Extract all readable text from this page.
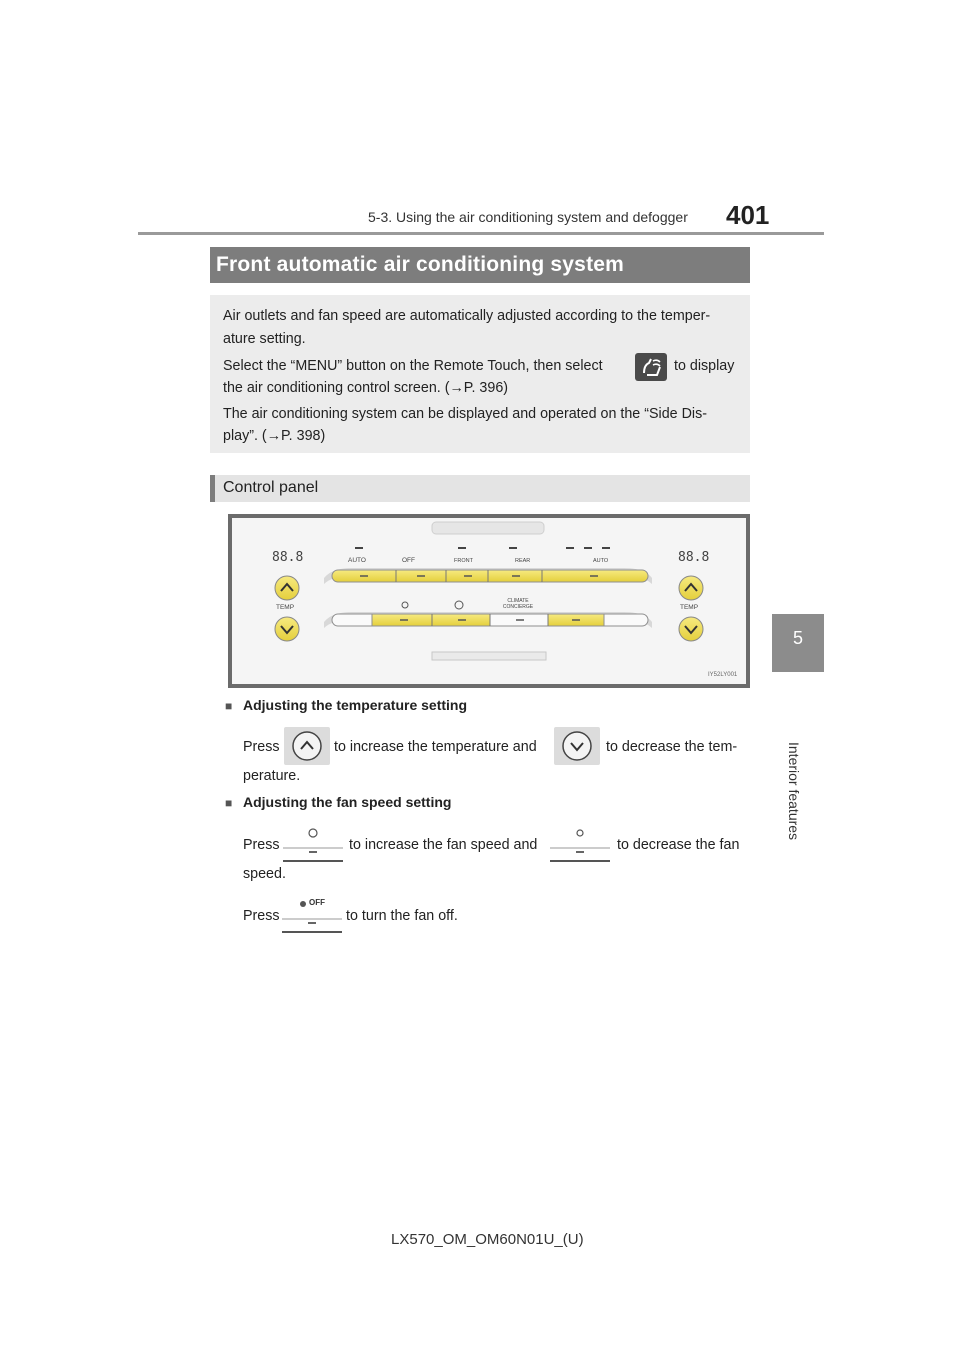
5-3. Using the air conditioning system and defogger 401
5
Interior features
Front automatic air conditioning system

Air outlets and fan speed are automatically adjusted according to the temper-

ature setting.

Select the “MENU” button on the Remote Touch, then select	to display

the air conditioning control screen. (→P. 396)

The air conditioning system can be displayed and operated on the “Side Dis-

play”. (→P. 398)

Control panel
88.8	88.8
TEMP	TEMP
AUTO	OFF	FRONT	REAR	AUTO
CLIMATE CONCIERGE
IY52LY001
■ Adjusting the temperature setting
Press	to increase the temperature and	to decrease the tem-
perature.
■ Adjusting the fan speed setting
Press	to increase the fan speed and	to decrease the fan
speed.
Press
OFF
to turn the fan off.
LX570_OM_OM60N01U_(U)
